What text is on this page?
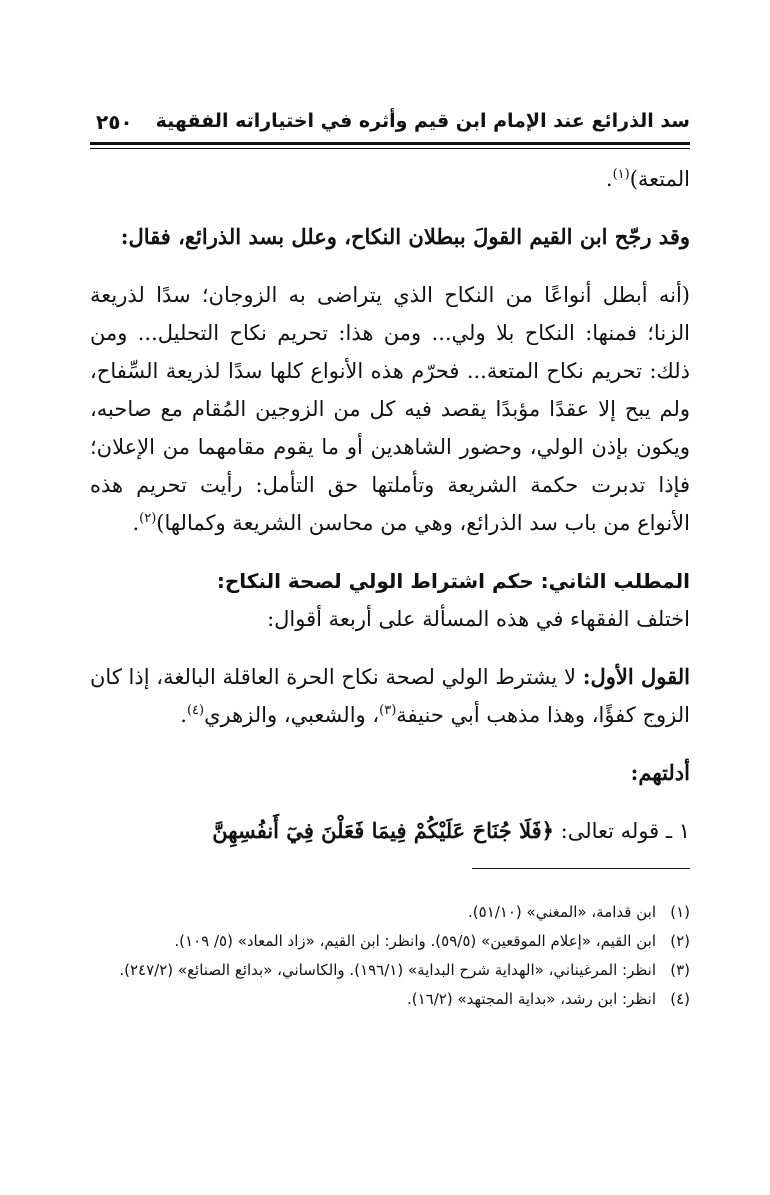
سد الذرائع عند الإمام ابن قيم وأثره في اختياراته الفقهية
٢٥٠

المتعة)$^{(١)}$.

وقد رجّح ابن القيم القولَ ببطلان النكاح، وعلل بسد الذرائع، فقال:

(أنه أبطل أنواعًا من النكاح الذي يتراضى به الزوجان؛ سدًا لذريعة الزنا؛ فمنها: النكاح بلا ولي... ومن هذا: تحريم نكاح التحليل... ومن ذلك: تحريم نكاح المتعة... فحرّم هذه الأنواع كلها سدًا لذريعة السِّفاح، ولم يبح إلا عقدًا مؤبدًا يقصد فيه كل من الزوجين المُقام مع صاحبه، ويكون بإذن الولي، وحضور الشاهدين أو ما يقوم مقامهما من الإعلان؛ فإذا تدبرت حكمة الشريعة وتأملتها حق التأمل: رأيت تحريم هذه الأنواع من باب سد الذرائع، وهي من محاسن الشريعة وكمالها)$^{(٢)}$.

المطلب الثاني: حكم اشتراط الولي لصحة النكاح:

اختلف الفقهاء في هذه المسألة على أربعة أقوال:

القول الأول: لا يشترط الولي لصحة نكاح الحرة العاقلة البالغة، إذا كان الزوج كفؤًا، وهذا مذهب أبي حنيفة$^{(٣)}$، والشعبي، والزهري$^{(٤)}$.

أدلتهم:

١ ـ قوله تعالى: ﴿فَلَا جُنَاحَ عَلَيْكُمْ فِيمَا فَعَلْنَ فِيٓ أَنفُسِهِنَّ

(١)
ابن قدامة، «المغني» (٥١/١٠).

(٢)
ابن القيم، «إعلام الموقعين» (٥٩/٥). وانظر: ابن القيم، «زاد المعاد» (٥/ ١٠٩).

(٣)
انظر: المرغيناني، «الهداية شرح البداية» (١٩٦/١). والكاساني، «بدائع الصنائع» (٢٤٧/٢).

(٤)
انظر: ابن رشد، «بداية المجتهد» (١٦/٢).
